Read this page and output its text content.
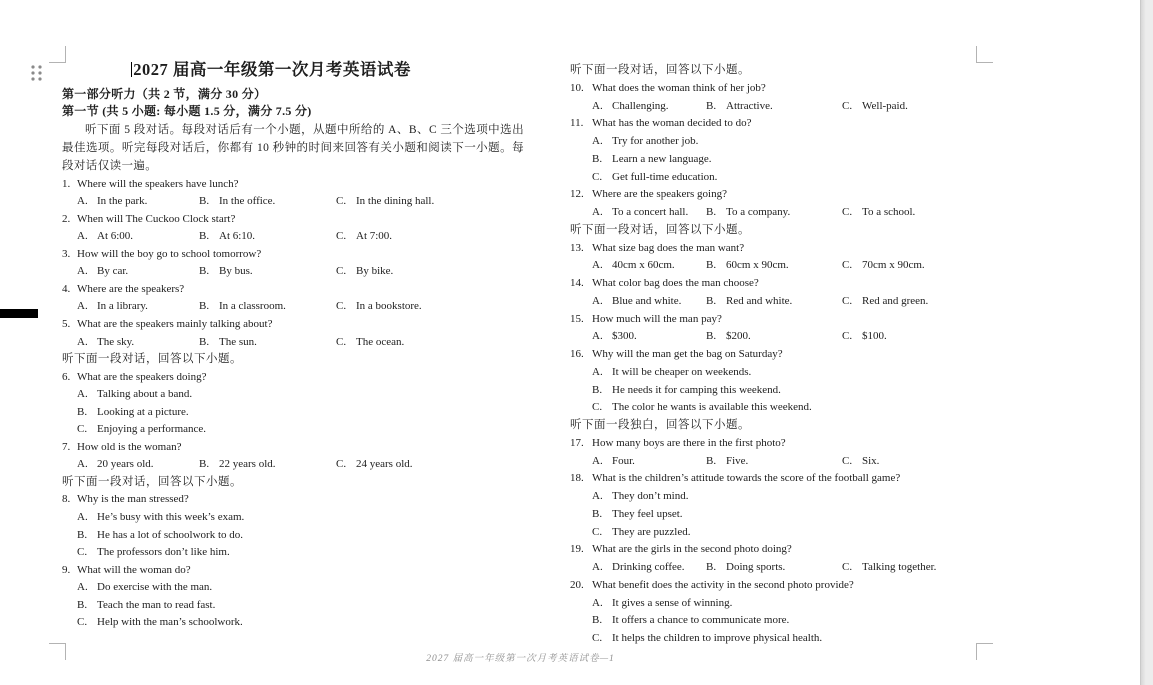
2027 届高一年级第一次月考英语试卷
第一部分听力（共 2 节，满分 30 分）
第一节 (共 5 小题: 每小题 1.5 分，满分 7.5 分)
听下面 5 段对话。每段对话后有一个小题，从题中所给的 A、B、C 三个选项中选出最佳选项。听完每段对话后，你都有 10 秒钟的时间来回答有关小题和阅读下一小题。每段对话仅读一遍。
1. Where will the speakers have lunch?
A. In the park.	B. In the office.	C. In the dining hall.
2. When will The Cuckoo Clock start?
A. At 6:00.	B. At 6:10.	C. At 7:00.
3. How will the boy go to school tomorrow?
A. By car.	B. By bus.	C. By bike.
4. Where are the speakers?
A. In a library.	B. In a classroom.	C. In a bookstore.
5. What are the speakers mainly talking about?
A. The sky.	B. The sun.	C. The ocean.
听下面一段对话，回答以下小题。
6. What are the speakers doing?
A. Talking about a band.
B. Looking at a picture.
C. Enjoying a performance.
7. How old is the woman?
A. 20 years old.	B. 22 years old.	C. 24 years old.
听下面一段对话，回答以下小题。
8. Why is the man stressed?
A. He’s busy with this week’s exam.
B. He has a lot of schoolwork to do.
C. The professors don’t like him.
9. What will the woman do?
A. Do exercise with the man.
B. Teach the man to read fast.
C. Help with the man’s schoolwork.
听下面一段对话，回答以下小题。
10. What does the woman think of her job?
A. Challenging.	B. Attractive.	C. Well-paid.
11. What has the woman decided to do?
A. Try for another job.
B. Learn a new language.
C. Get full-time education.
12. Where are the speakers going?
A. To a concert hall.	B. To a company.	C. To a school.
听下面一段对话，回答以下小题。
13. What size bag does the man want?
A. 40cm x 60cm.	B. 60cm x 90cm.	C. 70cm x 90cm.
14. What color bag does the man choose?
A. Blue and white.	B. Red and white.	C. Red and green.
15. How much will the man pay?
A. $300.	B. $200.	C. $100.
16. Why will the man get the bag on Saturday?
A. It will be cheaper on weekends.
B. He needs it for camping this weekend.
C. The color he wants is available this weekend.
听下面一段独白，回答以下小题。
17. How many boys are there in the first photo?
A. Four.	B. Five.	C. Six.
18. What is the children’s attitude towards the score of the football game?
A. They don’t mind.
B. They feel upset.
C. They are puzzled.
19. What are the girls in the second photo doing?
A. Drinking coffee.	B. Doing sports.	C. Talking together.
20. What benefit does the activity in the second photo provide?
A. It gives a sense of winning.
B. It offers a chance to communicate more.
C. It helps the children to improve physical health.
2027 届高一年级第一次月考英语试卷—1
